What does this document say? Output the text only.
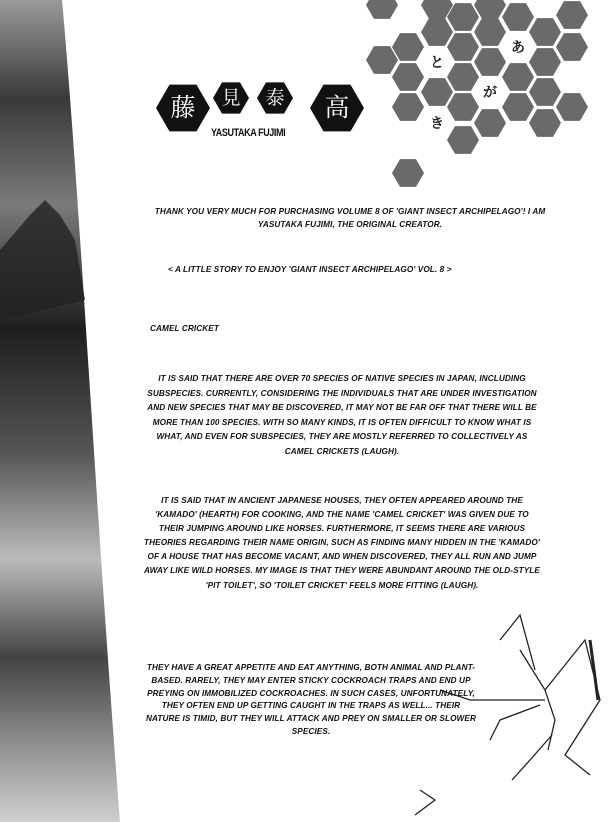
と
き
が
あ
藤 見 泰 高
YASUTAKA FUJIMI

THANK YOU VERY MUCH FOR PURCHASING VOLUME 8 OF 'GIANT INSECT ARCHIPELAGO'! I AM YASUTAKA FUJIMI, THE ORIGINAL CREATOR.

< A LITTLE STORY TO ENJOY 'GIANT INSECT ARCHIPELAGO' VOL. 8 >

CAMEL CRICKET

IT IS SAID THAT THERE ARE OVER 70 SPECIES OF NATIVE SPECIES IN JAPAN, INCLUDING SUBSPECIES. CURRENTLY, CONSIDERING THE INDIVIDUALS THAT ARE UNDER INVESTIGATION AND NEW SPECIES THAT MAY BE DISCOVERED, IT MAY NOT BE FAR OFF THAT THERE WILL BE MORE THAN 100 SPECIES. WITH SO MANY KINDS, IT IS OFTEN DIFFICULT TO KNOW WHAT IS WHAT, AND EVEN FOR SUBSPECIES, THEY ARE MOSTLY REFERRED TO COLLECTIVELY AS CAMEL CRICKETS (LAUGH).

IT IS SAID THAT IN ANCIENT JAPANESE HOUSES, THEY OFTEN APPEARED AROUND THE 'KAMADO' (HEARTH) FOR COOKING, AND THE NAME 'CAMEL CRICKET' WAS GIVEN DUE TO THEIR JUMPING AROUND LIKE HORSES. FURTHERMORE, IT SEEMS THERE ARE VARIOUS THEORIES REGARDING THEIR NAME ORIGIN, SUCH AS FINDING MANY HIDDEN IN THE 'KAMADO' OF A HOUSE THAT HAS BECOME VACANT, AND WHEN DISCOVERED, THEY ALL RUN AND JUMP AWAY LIKE WILD HORSES. MY IMAGE IS THAT THEY WERE ABUNDANT AROUND THE OLD-STYLE 'PIT TOILET', SO 'TOILET CRICKET' FEELS MORE FITTING (LAUGH).

THEY HAVE A GREAT APPETITE AND EAT ANYTHING, BOTH ANIMAL AND PLANT-BASED. RARELY, THEY MAY ENTER STICKY COCKROACH TRAPS AND END UP PREYING ON IMMOBILIZED COCKROACHES. IN SUCH CASES, UNFORTUNATELY, THEY OFTEN END UP GETTING CAUGHT IN THE TRAPS AS WELL... THEIR NATURE IS TIMID, BUT THEY WILL ATTACK AND PREY ON SMALLER OR SLOWER SPECIES.
